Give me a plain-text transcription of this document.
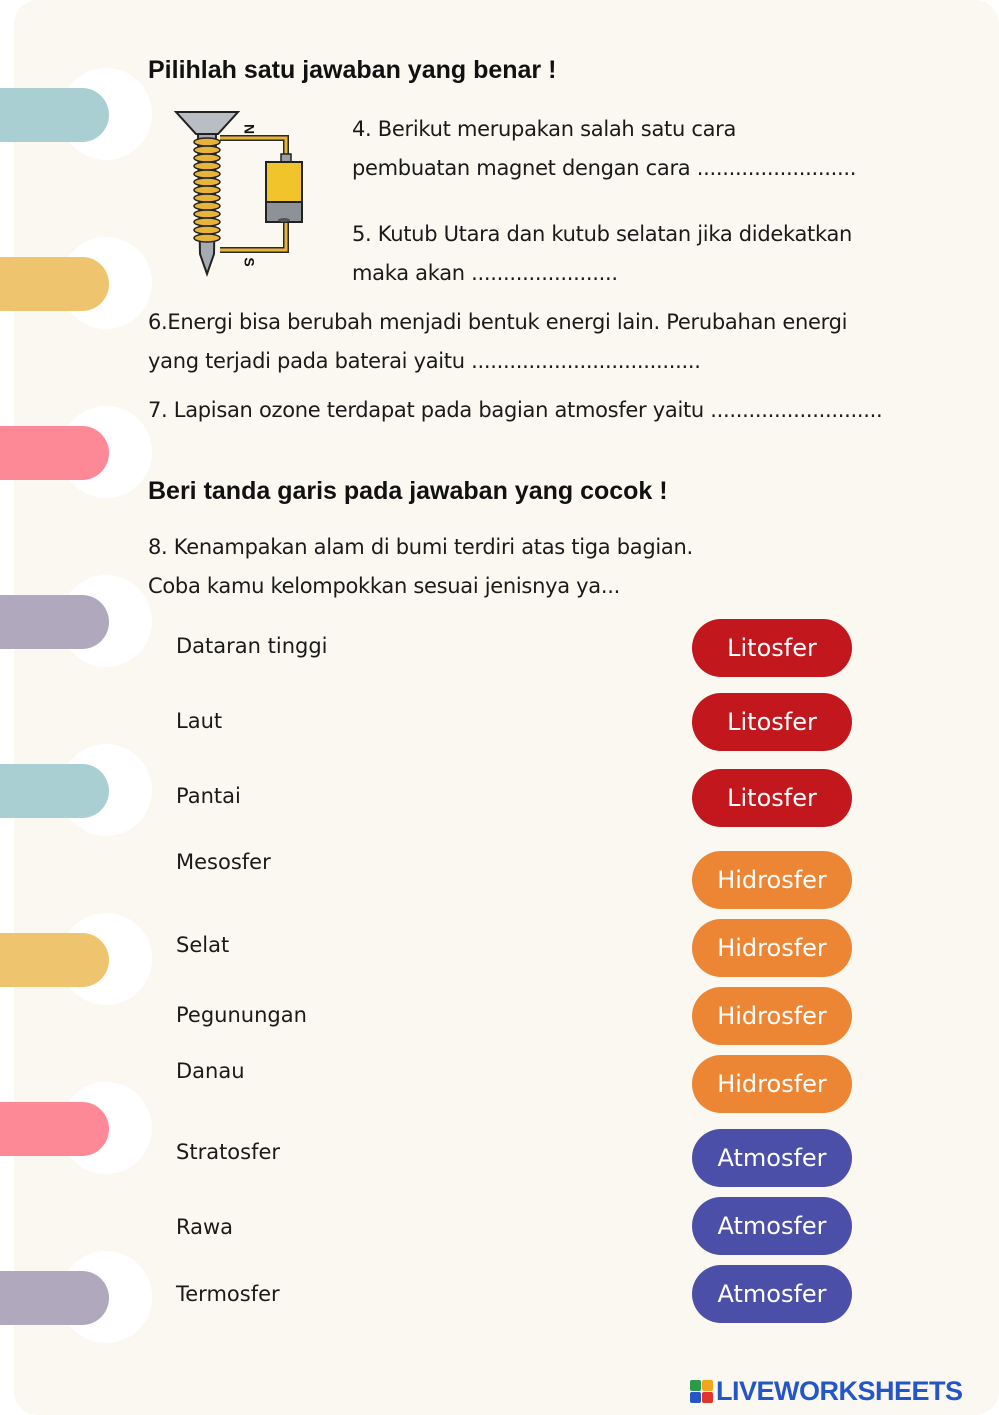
Pilihlah satu jawaban yang benar !
N
S

4. Berikut merupakan salah satu cara

pembuatan magnet dengan cara .........................

5. Kutub Utara dan kutub selatan jika didekatkan

maka akan .......................

6.Energi bisa berubah menjadi bentuk energi lain. Perubahan energi

yang terjadi pada baterai yaitu ....................................

7. Lapisan ozone terdapat pada bagian atmosfer yaitu ...........................

Beri tanda garis pada jawaban yang cocok !

8. Kenampakan alam di bumi terdiri atas tiga bagian.

Coba kamu kelompokkan sesuai jenisnya ya...

Dataran tinggi
Laut
Pantai
Mesosfer
Selat
Pegunungan
Danau
Stratosfer
Rawa
Termosfer
Litosfer
Litosfer
Litosfer
Hidrosfer
Hidrosfer
Hidrosfer
Hidrosfer
Atmosfer
Atmosfer
Atmosfer
LIVEWORKSHEETS
